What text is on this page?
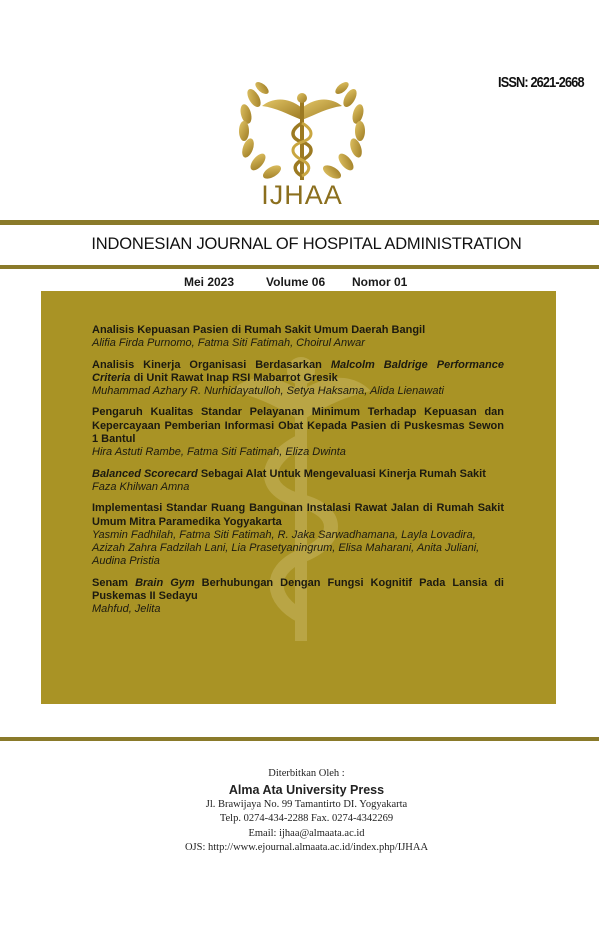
IJHAA
ISSN: 2621-2668
INDONESIAN JOURNAL OF HOSPITAL ADMINISTRATION
Mei 2023	Volume 06 Nomor 01
Analisis Kepuasan Pasien di Rumah Sakit Umum Daerah Bangil
Alifia Firda Purnomo, Fatma Siti Fatimah, Choirul Anwar
Analisis Kinerja Organisasi Berdasarkan Malcolm Baldrige Performance Criteria di Unit Rawat Inap RSI Mabarrot Gresik
Muhammad Azhary R. Nurhidayatulloh, Setya Haksama, Alida Lienawati
Pengaruh Kualitas Standar Pelayanan Minimum Terhadap Kepuasan dan Kepercayaan Pemberian Informasi Obat Kepada Pasien di Puskesmas Sewon 1 Bantul
Hira Astuti Rambe, Fatma Siti Fatimah, Eliza Dwinta
Balanced Scorecard Sebagai Alat Untuk Mengevaluasi Kinerja Rumah Sakit
Faza Khilwan Amna
Implementasi Standar Ruang Bangunan Instalasi Rawat Jalan di Rumah Sakit Umum Mitra Paramedika Yogyakarta
Yasmin Fadhilah, Fatma Siti Fatimah, R. Jaka Sarwadhamana, Layla Lovadira, Azizah Zahra Fadzilah Lani, Lia Prasetyaningrum, Elisa Maharani, Anita Juliani, Audina Pristia
Senam Brain Gym Berhubungan Dengan Fungsi Kognitif Pada Lansia di Puskemas II Sedayu
Mahfud, Jelita
Diterbitkan Oleh :
Alma Ata University Press
Jl. Brawijaya No. 99 Tamantirto DI. Yogyakarta
Telp. 0274-434-2288 Fax. 0274-4342269
Email: ijhaa@almaata.ac.id
OJS: http://www.ejournal.almaata.ac.id/index.php/IJHAA
